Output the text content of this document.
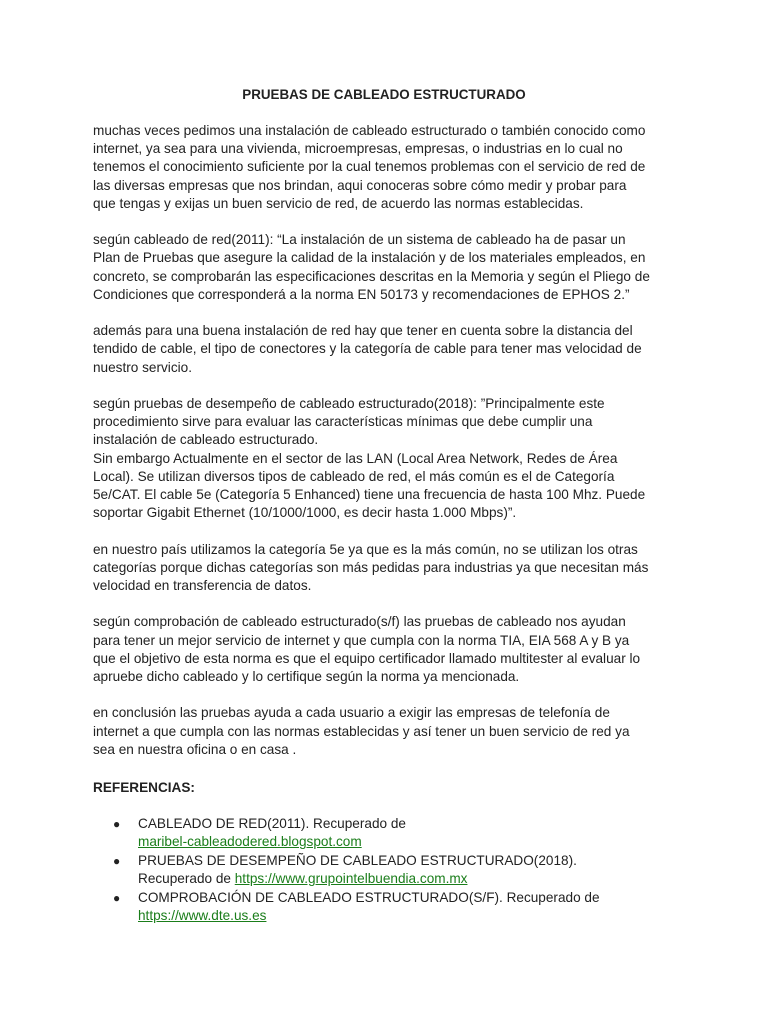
PRUEBAS DE CABLEADO ESTRUCTURADO
muchas veces pedimos una instalación de cableado estructurado o también conocido como
internet, ya sea para una vivienda, microempresas, empresas, o industrias en lo cual no
tenemos el conocimiento suficiente por la cual tenemos problemas con el servicio de red de
las diversas empresas que nos brindan, aqui conoceras sobre cómo medir y probar para
que tengas y exijas un buen servicio de red, de acuerdo las normas establecidas.
según cableado de red(2011): “La instalación de un sistema de cableado ha de pasar un
Plan de Pruebas que asegure la calidad de la instalación y de los materiales empleados, en
concreto, se comprobarán las especificaciones descritas en la Memoria y según el Pliego de
Condiciones que corresponderá a la norma EN 50173 y recomendaciones de EPHOS 2.”
además para una buena instalación de red hay que tener en cuenta sobre la distancia del
tendido de cable, el tipo de conectores y la categoría de cable para tener mas velocidad de
nuestro servicio.
según pruebas de desempeño de cableado estructurado(2018): ”Principalmente este
procedimiento sirve para evaluar las características mínimas que debe cumplir una
instalación de cableado estructurado.
Sin embargo Actualmente en el sector de las LAN (Local Area Network, Redes de Área
Local). Se utilizan diversos tipos de cableado de red, el más común es el de Categoría
5e/CAT. El cable 5e (Categoría 5 Enhanced) tiene una frecuencia de hasta 100 Mhz. Puede
soportar Gigabit Ethernet (10/1000/1000, es decir hasta 1.000 Mbps)”.
en nuestro país utilizamos la categoría 5e ya que es la más común, no se utilizan los otras
categorías porque dichas categorías son más pedidas para industrias ya que necesitan más
velocidad en transferencia de datos.
según comprobación de cableado estructurado(s/f) las pruebas de cableado nos ayudan
para tener un mejor servicio de internet y que cumpla con la norma TIA, EIA 568 A y B ya
que el objetivo de esta norma es que el equipo certificador llamado multitester al evaluar lo
apruebe dicho cableado y lo certifique según la norma ya mencionada.
en conclusión las pruebas ayuda a cada usuario a exigir las empresas de telefonía de
internet a que cumpla con las normas establecidas y así tener un buen servicio de red ya
sea en nuestra oficina o en casa .
REFERENCIAS:
● CABLEADO DE RED(2011). Recuperado de
maribel-cableadodered.blogspot.com
● PRUEBAS DE DESEMPEÑO DE CABLEADO ESTRUCTURADO(2018).
Recuperado de https://www.grupointelbuendia.com.mx
● COMPROBACIÓN DE CABLEADO ESTRUCTURADO(S/F). Recuperado de
https://www.dte.us.es
